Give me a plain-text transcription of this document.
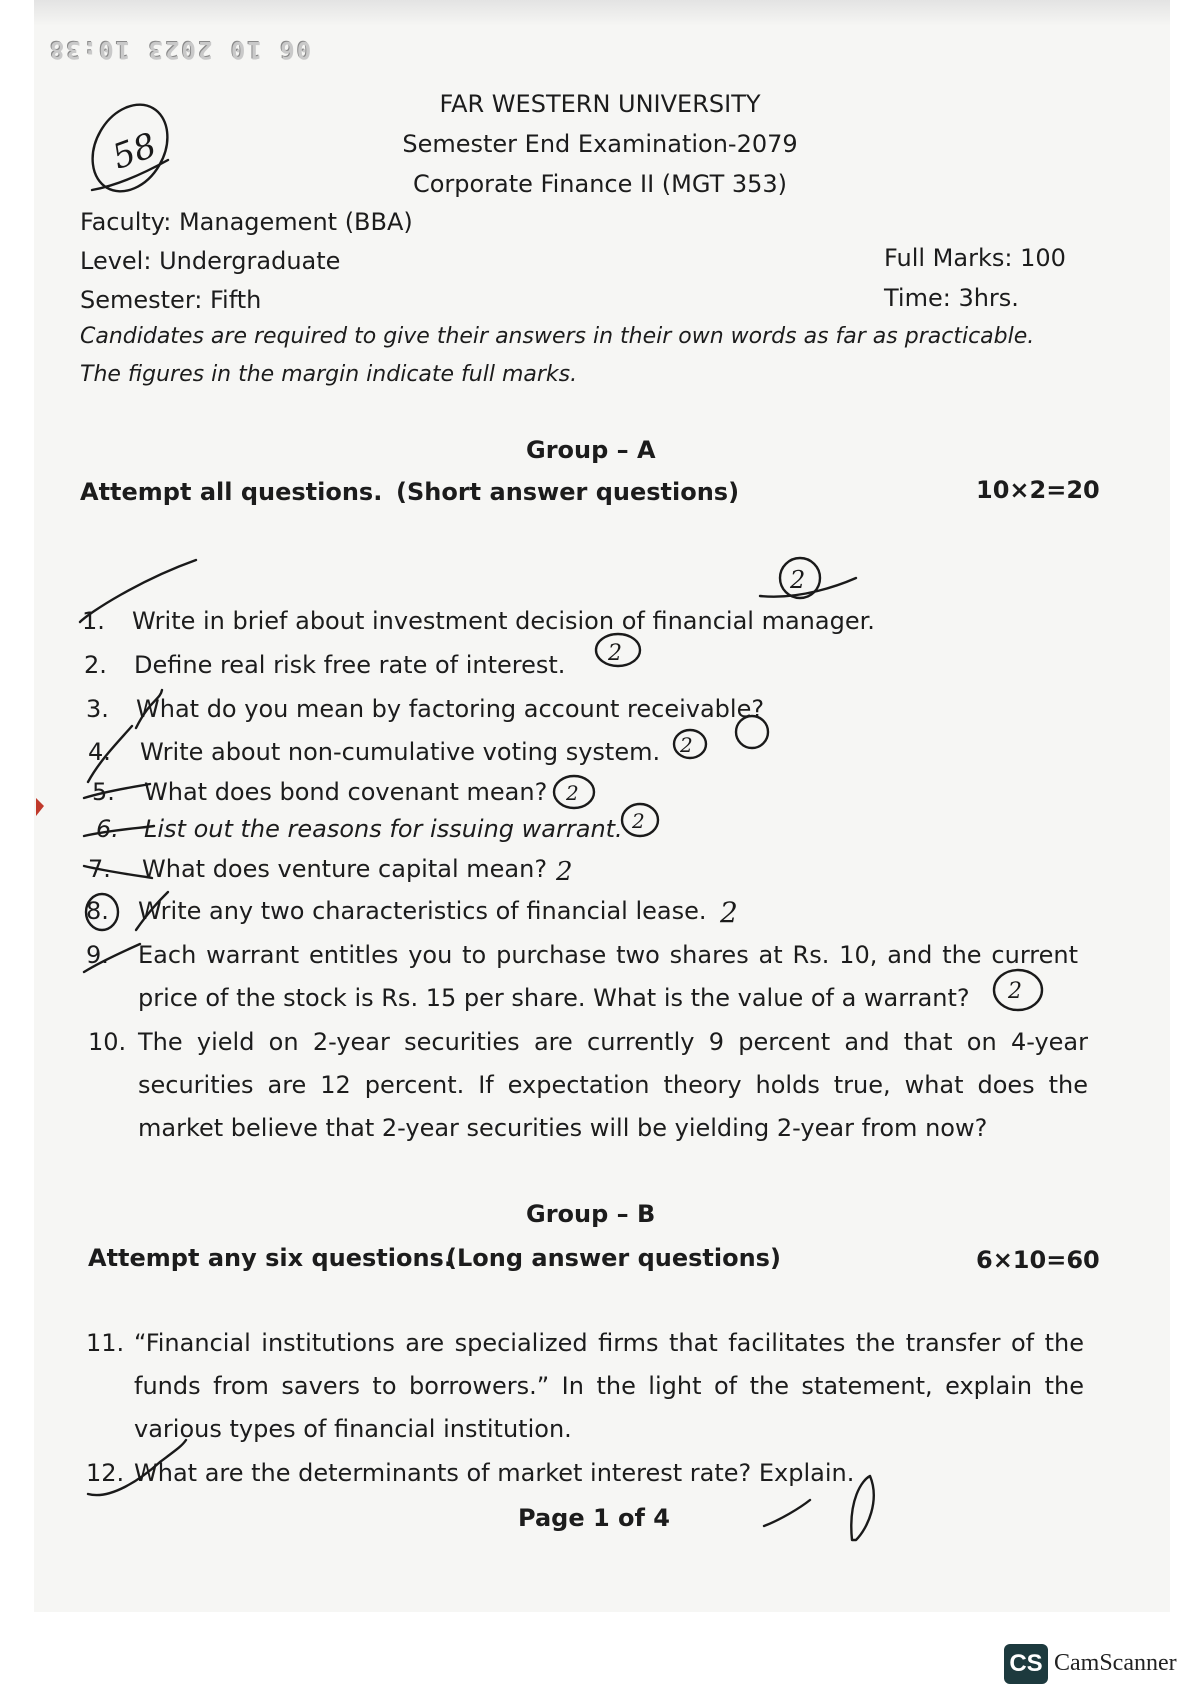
06 10 2023 10:38
FAR WESTERN UNIVERSITY
Semester End Examination-2079
Corporate Finance II (MGT 353)
Faculty: Management (BBA)
Level: Undergraduate
Semester: Fifth
Full Marks: 100
Time: 3hrs.
Candidates are required to give their answers in their own words as far as practicable.
The figures in the margin indicate full marks.
Group – A
Attempt all questions. (Short answer questions)	10×2=20
1. Write in brief about investment decision of financial manager.
2. Define real risk free rate of interest.
3. What do you mean by factoring account receivable?
4. Write about non-cumulative voting system.
5. What does bond covenant mean?
6. List out the reasons for issuing warrant.
7. What does venture capital mean?
8. Write any two characteristics of financial lease.
9. Each warrant entitles you to purchase two shares at Rs. 10, and the current
price of the stock is Rs. 15 per share. What is the value of a warrant?
10. The yield on 2-year securities are currently 9 percent and that on 4-year
securities are 12 percent. If expectation theory holds true, what does the
market believe that 2-year securities will be yielding 2-year from now?
Group – B
Attempt any six questions.
(Long answer questions)	6×10=60
11. “Financial institutions are specialized firms that facilitates the transfer of the
funds from savers to borrowers.” In the light of the statement, explain the
various types of financial institution.
12. What are the determinants of market interest rate? Explain.
Page 1 of 4
58
2
2
2
2
2
2
2
2
CS CamScanner
